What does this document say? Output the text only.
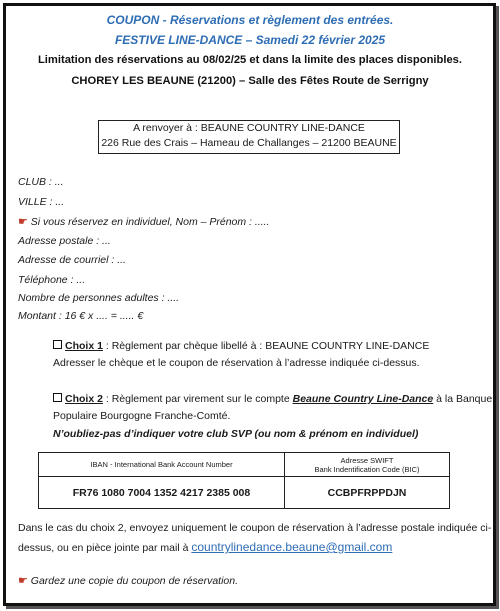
COUPON - Réservations et règlement des entrées.
FESTIVE LINE-DANCE – Samedi 22 février 2025
Limitation des réservations au 08/02/25 et dans la limite des places disponibles.
CHOREY LES BEAUNE (21200) – Salle des Fêtes Route de Serrigny
A renvoyer à : BEAUNE COUNTRY LINE-DANCE
226 Rue des Crais – Hameau de Challanges – 21200 BEAUNE
CLUB : ...
VILLE : ...
☛ Si vous réservez en individuel, Nom – Prénom : .....
Adresse postale : ...
Adresse de courriel : ...
Téléphone : ...
Nombre de personnes adultes : ....
Montant : 16 € x .... = ..... €
Choix 1 : Règlement par chèque libellé à : BEAUNE COUNTRY LINE-DANCE
Adresser le chèque et le coupon de réservation à l’adresse indiquée ci-dessus.
Choix 2 : Règlement par virement sur le compte Beaune Country Line-Dance à la Banque
Populaire Bourgogne Franche-Comté.
N’oubliez-pas d’indiquer votre club SVP (ou nom & prénom en individuel)
IBAN - International Bank Account Number	Adresse SWIFT
Bank Indentification Code (BIC)

FR76 1080 7004 1352 4217 2385 008	CCBPFRPPDJN
Dans le cas du choix 2, envoyez uniquement le coupon de réservation à l’adresse postale indiquée ci-
dessus, ou en pièce jointe par mail à countrylinedance.beaune@gmail.com
☛ Gardez une copie du coupon de réservation.
